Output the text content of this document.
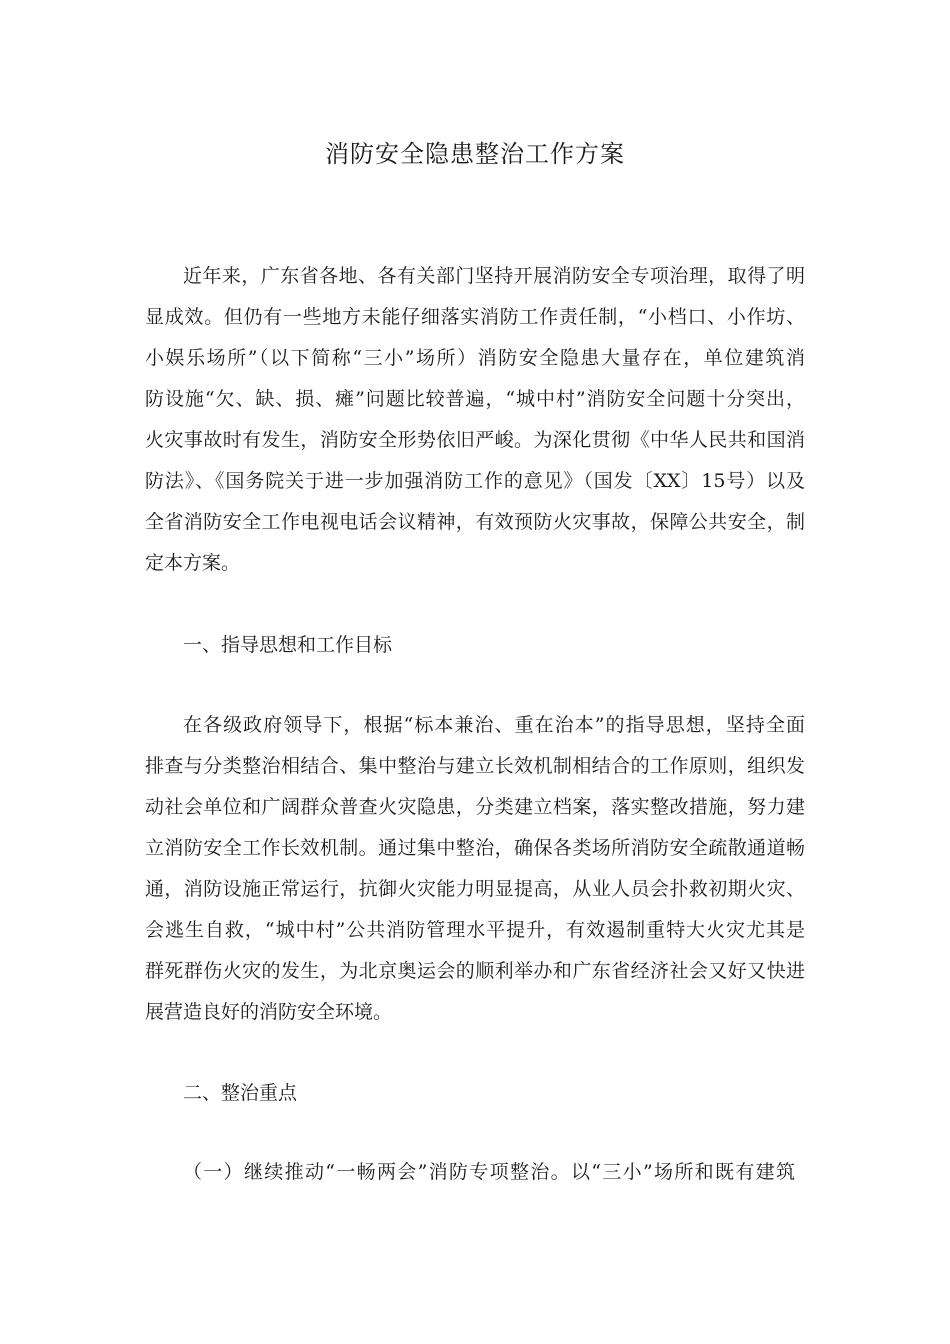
消防安全隐患整治工作方案

近年来，广东省各地、各有关部门坚持开展消防安全专项治理，取得了明

显成效。但仍有一些地方未能仔细落实消防工作责任制，“小档口、小作坊、

小娱乐场所”（以下简称“三小”场所）消防安全隐患大量存在，单位建筑消

防设施“欠、缺、损、瘫”问题比较普遍，“城中村”消防安全问题十分突出，

火灾事故时有发生，消防安全形势依旧严峻。为深化贯彻《中华人民共和国消

防法》、《国务院关于进一步加强消防工作的意见》（国发〔XX〕15号）以及

全省消防安全工作电视电话会议精神，有效预防火灾事故，保障公共安全，制

定本方案。

一、指导思想和工作目标

在各级政府领导下，根据“标本兼治、重在治本”的指导思想，坚持全面

排查与分类整治相结合、集中整治与建立长效机制相结合的工作原则，组织发

动社会单位和广阔群众普查火灾隐患，分类建立档案，落实整改措施，努力建

立消防安全工作长效机制。通过集中整治，确保各类场所消防安全疏散通道畅

通，消防设施正常运行，抗御火灾能力明显提高，从业人员会扑救初期火灾、

会逃生自救，“城中村”公共消防管理水平提升，有效遏制重特大火灾尤其是

群死群伤火灾的发生，为北京奥运会的顺利举办和广东省经济社会又好又快进

展营造良好的消防安全环境。

二、整治重点

（一）继续推动“一畅两会”消防专项整治。以“三小”场所和既有建筑
